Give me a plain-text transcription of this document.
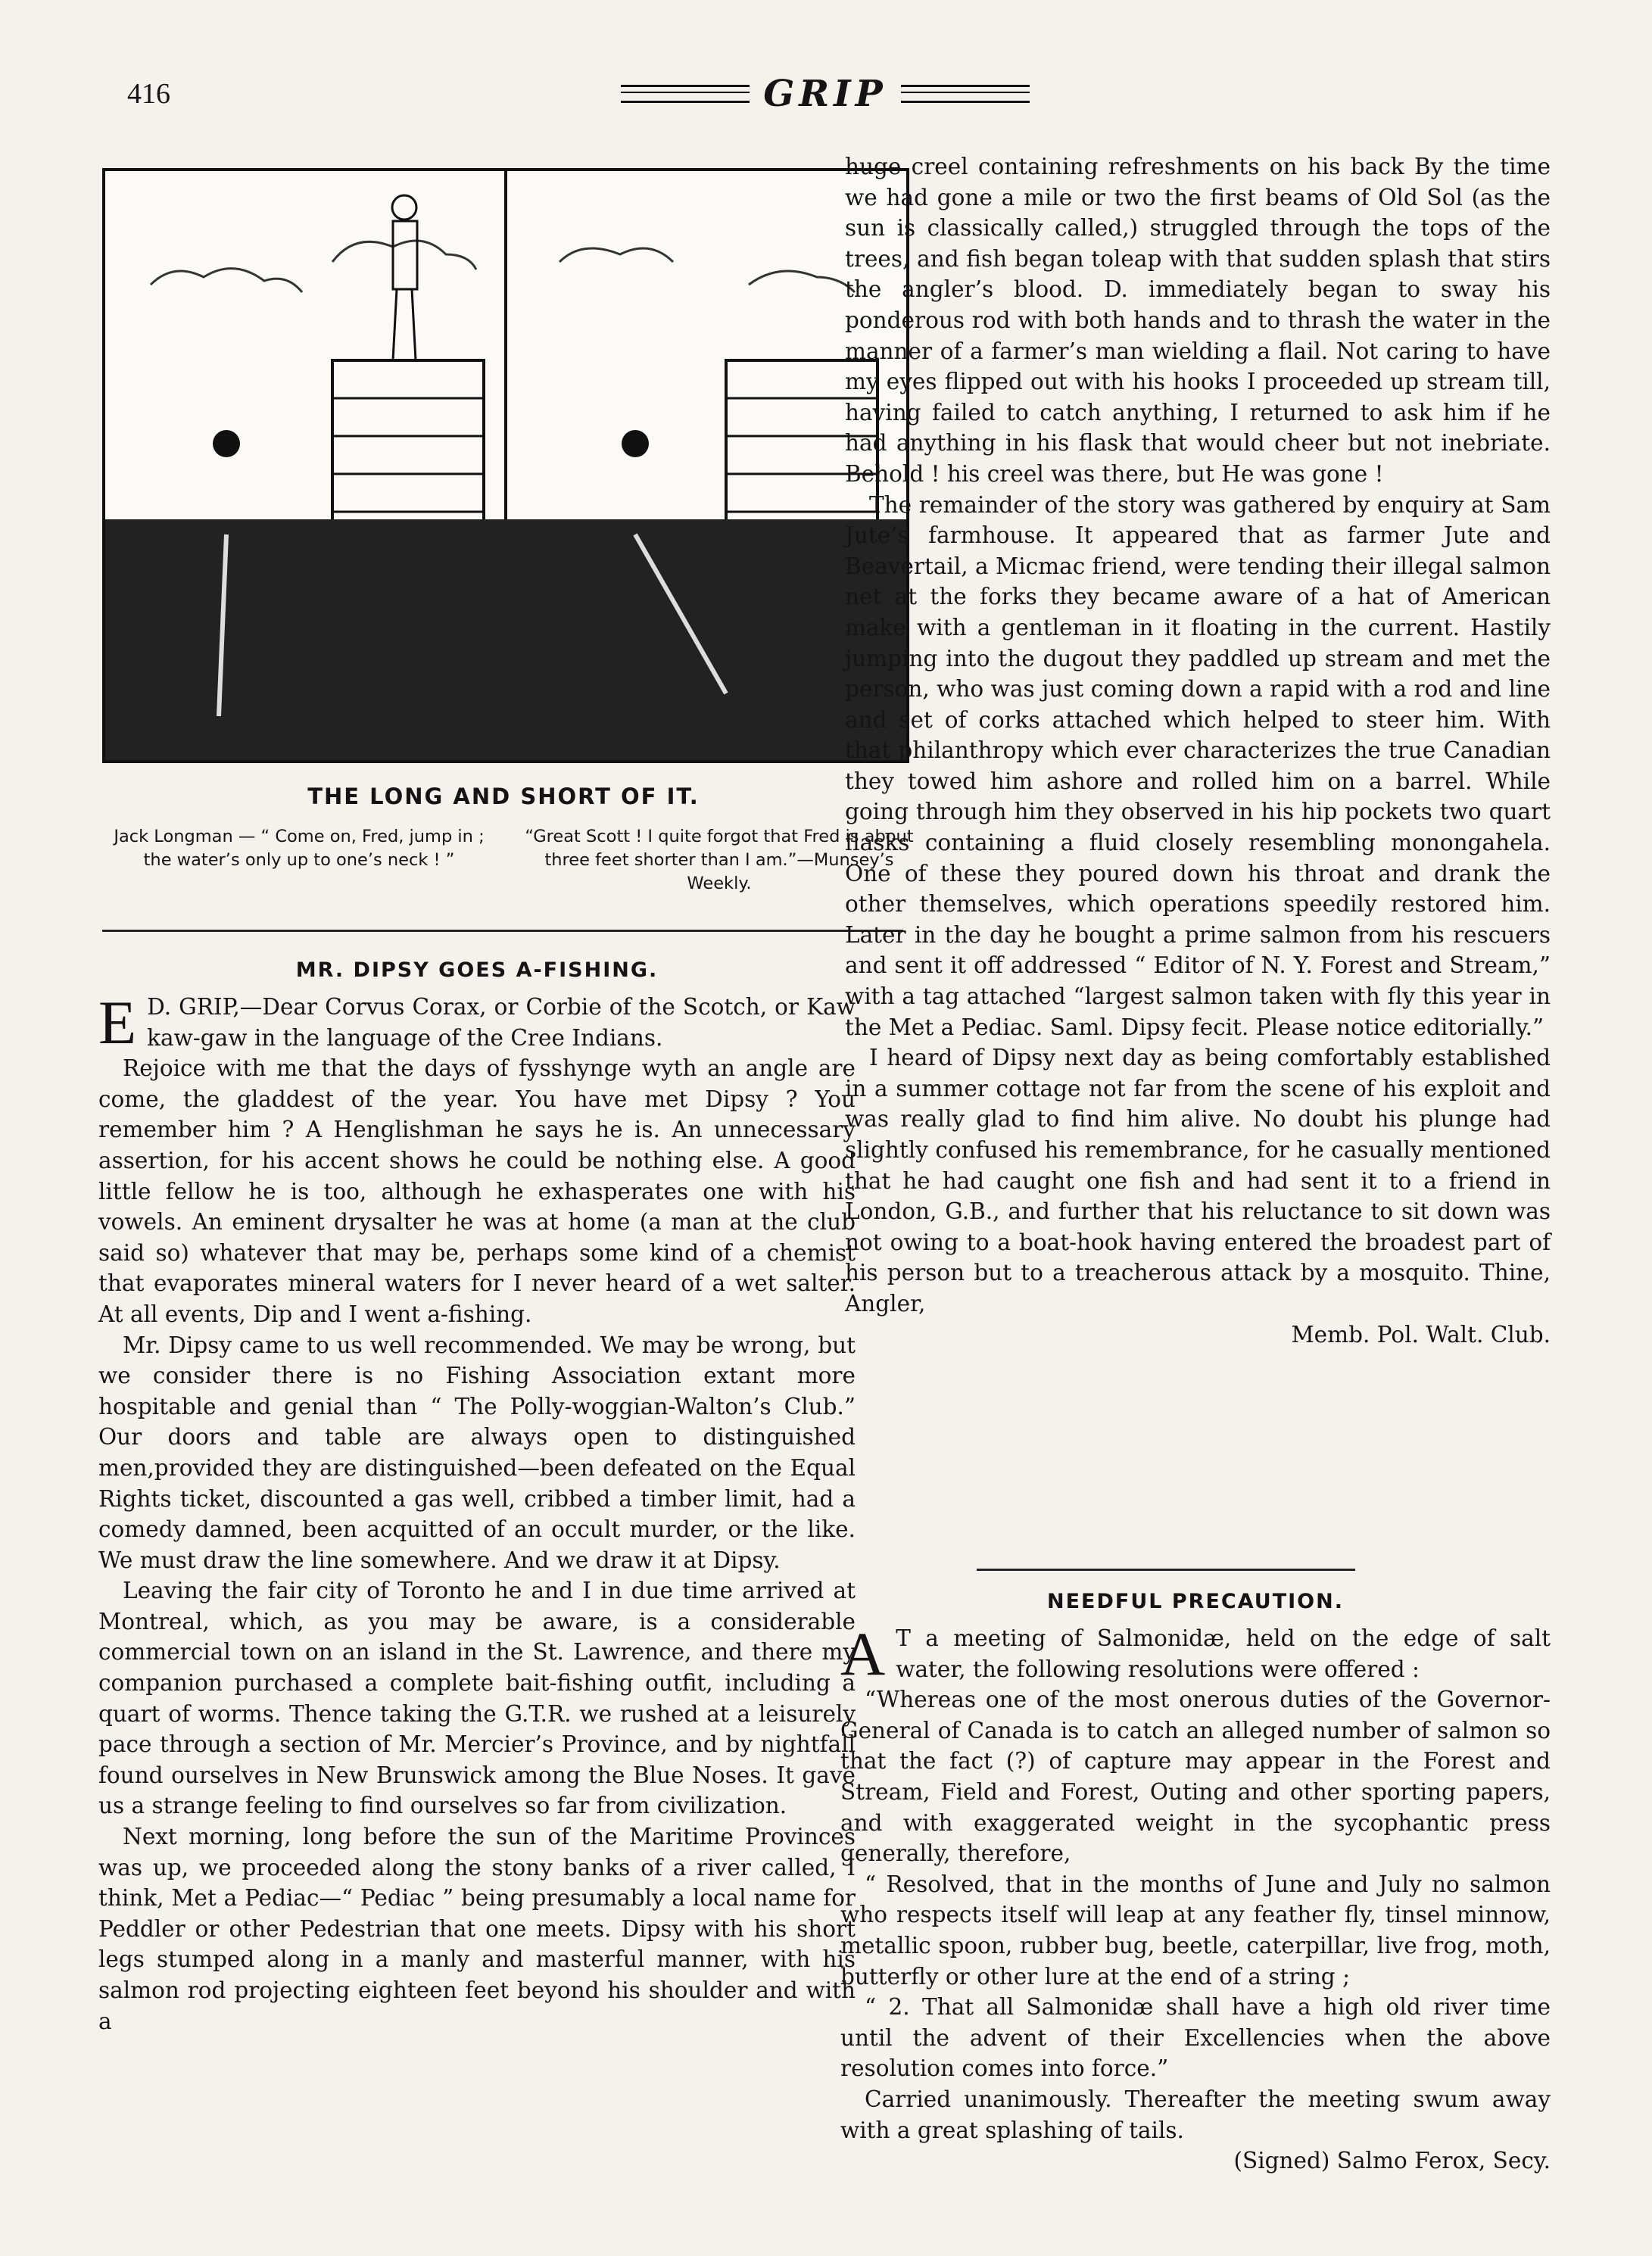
416	GRIP
THE LONG AND SHORT OF IT.
Jack Longman — “ Come on, Fred, jump in ; the water’s only up to one’s neck ! ”
“Great Scott ! I quite forgot that Fred is about three feet shorter than I am.”—Munsey’s Weekly.
MR. DIPSY GOES A-FISHING.

E D. GRIP,—Dear Corvus Corax, or Corbie of the Scotch, or Kaw kaw-gaw in the language of the Cree Indians.

Rejoice with me that the days of fysshynge wyth an angle are come, the gladdest of the year. You have met Dipsy ? You remember him ? A Henglishman he says he is. An unnecessary assertion, for his accent shows he could be nothing else. A good little fellow he is too, although he exhasperates one with his vowels. An eminent drysalter he was at home (a man at the club said so) whatever that may be, perhaps some kind of a chemist that evaporates mineral waters for I never heard of a wet salter. At all events, Dip and I went a-fishing.

Mr. Dipsy came to us well recommended. We may be wrong, but we consider there is no Fishing Association extant more hospitable and genial than “ The Polly-woggian-Walton’s Club.” Our doors and table are always open to distinguished men,provided they are distinguished—been defeated on the Equal Rights ticket, discounted a gas well, cribbed a timber limit, had a comedy damned, been acquitted of an occult murder, or the like. We must draw the line somewhere. And we draw it at Dipsy.

Leaving the fair city of Toronto he and I in due time arrived at Montreal, which, as you may be aware, is a considerable commercial town on an island in the St. Lawrence, and there my companion purchased a complete bait-fishing outfit, including a quart of worms. Thence taking the G.T.R. we rushed at a leisurely pace through a section of Mr. Mercier’s Province, and by nightfall found ourselves in New Brunswick among the Blue Noses. It gave us a strange feeling to find ourselves so far from civilization.

Next morning, long before the sun of the Maritime Provinces was up, we proceeded along the stony banks of a river called, I think, Met a Pediac—“ Pediac ” being presumably a local name for Peddler or other Pedestrian that one meets. Dipsy with his short legs stumped along in a manly and masterful manner, with his salmon rod projecting eighteen feet beyond his shoulder and with a

huge creel containing refreshments on his back By the time we had gone a mile or two the first beams of Old Sol (as the sun is classically called,) struggled through the tops of the trees, and fish began toleap with that sudden splash that stirs the angler’s blood. D. immediately began to sway his ponderous rod with both hands and to thrash the water in the manner of a farmer’s man wielding a flail. Not caring to have my eyes flipped out with his hooks I proceeded up stream till, having failed to catch anything, I returned to ask him if he had anything in his flask that would cheer but not inebriate. Behold ! his creel was there, but He was gone !

The remainder of the story was gathered by enquiry at Sam Jute’s farmhouse. It appeared that as farmer Jute and Beavertail, a Micmac friend, were tending their illegal salmon net at the forks they became aware of a hat of American make with a gentleman in it floating in the current. Hastily jumping into the dugout they paddled up stream and met the person, who was just coming down a rapid with a rod and line and set of corks attached which helped to steer him. With that philanthropy which ever characterizes the true Canadian they towed him ashore and rolled him on a barrel. While going through him they observed in his hip pockets two quart flasks containing a fluid closely resembling monongahela. One of these they poured down his throat and drank the other themselves, which operations speedily restored him. Later in the day he bought a prime salmon from his rescuers and sent it off addressed “ Editor of N. Y. Forest and Stream,” with a tag attached “largest salmon taken with fly this year in the Met a Pediac. Saml. Dipsy fecit. Please notice editorially.”

I heard of Dipsy next day as being comfortably established in a summer cottage not far from the scene of his exploit and was really glad to find him alive. No doubt his plunge had slightly confused his remembrance, for he casually mentioned that he had caught one fish and had sent it to a friend in London, G.B., and further that his reluctance to sit down was not owing to a boat-hook having entered the broadest part of his person but to a treacherous attack by a mosquito. Thine, Angler,

Memb. Pol. Walt. Club.

NEEDFUL PRECAUTION.

A T a meeting of Salmonidæ, held on the edge of salt water, the following resolutions were offered :

“Whereas one of the most onerous duties of the Governor-General of Canada is to catch an alleged number of salmon so that the fact (?) of capture may appear in the Forest and Stream, Field and Forest, Outing and other sporting papers, and with exaggerated weight in the sycophantic press generally, therefore,

“ Resolved, that in the months of June and July no salmon who respects itself will leap at any feather fly, tinsel minnow, metallic spoon, rubber bug, beetle, caterpillar, live frog, moth, butterfly or other lure at the end of a string ;

“ 2. That all Salmonidæ shall have a high old river time until the advent of their Excellencies when the above resolution comes into force.”

Carried unanimously. Thereafter the meeting swum away with a great splashing of tails.

(Signed) Salmo Ferox, Secy.
